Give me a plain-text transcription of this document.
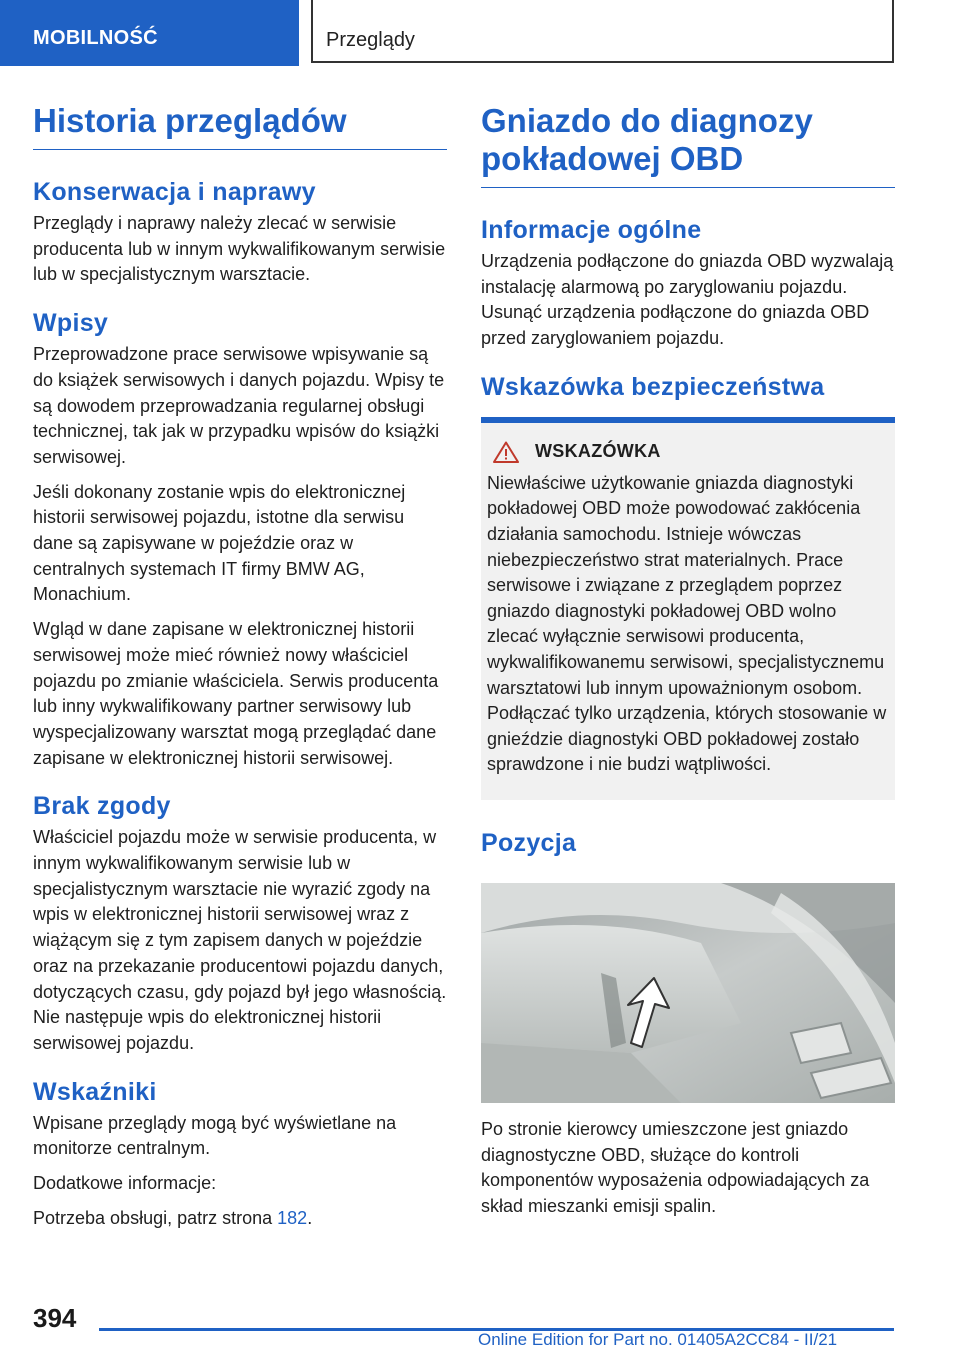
MOBILNOŚĆ	Przeglądy
Historia przeglądów
Konserwacja i naprawy

Przeglądy i naprawy należy zlecać w serwisie producenta lub w innym wykwalifikowanym serwisie lub w specjalistycznym warsztacie.

Wpisy

Przeprowadzone prace serwisowe wpisywanie są do książek serwisowych i danych pojazdu. Wpisy te są dowodem przeprowadzania regularnej obsługi technicznej, tak jak w przypadku wpisów do książki serwisowej.

Jeśli dokonany zostanie wpis do elektronicznej historii serwisowej pojazdu, istotne dla serwisu dane są zapisywane w pojeździe oraz w centralnych systemach IT firmy BMW AG, Monachium.

Wgląd w dane zapisane w elektronicznej historii serwisowej może mieć również nowy właściciel pojazdu po zmianie właściciela. Serwis producenta lub inny wykwalifikowany partner serwisowy lub wyspecjalizowany warsztat mogą przeglądać dane zapisane w elektronicznej historii serwisowej.

Brak zgody

Właściciel pojazdu może w serwisie producenta, w innym wykwalifikowanym serwisie lub w specjalistycznym warsztacie nie wyrazić zgody na wpis w elektronicznej historii serwisowej wraz z wiążącym się z tym zapisem danych w pojeździe oraz na przekazanie producentowi pojazdu danych, dotyczących czasu, gdy pojazd był jego własnością. Nie następuje wpis do elektronicznej historii serwisowej pojazdu.

Wskaźniki

Wpisane przeglądy mogą być wyświetlane na monitorze centralnym.

Dodatkowe informacje:

Potrzeba obsługi, patrz strona 182.

Gniazdo do diagnozy pokładowej OBD
Informacje ogólne

Urządzenia podłączone do gniazda OBD wyzwalają instalację alarmową po zaryglowaniu pojazdu. Usunąć urządzenia podłączone do gniazda OBD przed zaryglowaniem pojazdu.

Wskazówka bezpieczeństwa
WSKAZÓWKA

Niewłaściwe użytkowanie gniazda diagnostyki pokładowej OBD może powodować zakłócenia działania samochodu. Istnieje wówczas niebezpieczeństwo strat materialnych. Prace serwisowe i związane z przeglądem poprzez gniazdo diagnostyki pokładowej OBD wolno zlecać wyłącznie serwisowi producenta, wykwalifikowanemu serwisowi, specjalistycznemu warsztatowi lub innym upoważnionym osobom. Podłączać tylko urządzenia, których stosowanie w gnieździe diagnostyki OBD pokładowej zostało sprawdzone i nie budzi wątpliwości.

Pozycja

Po stronie kierowcy umieszczone jest gniazdo diagnostyczne OBD, służące do kontroli komponentów wyposażenia odpowiadających za skład mieszanki emisji spalin.

394
Online Edition for Part no. 01405A2CC84 - II/21
